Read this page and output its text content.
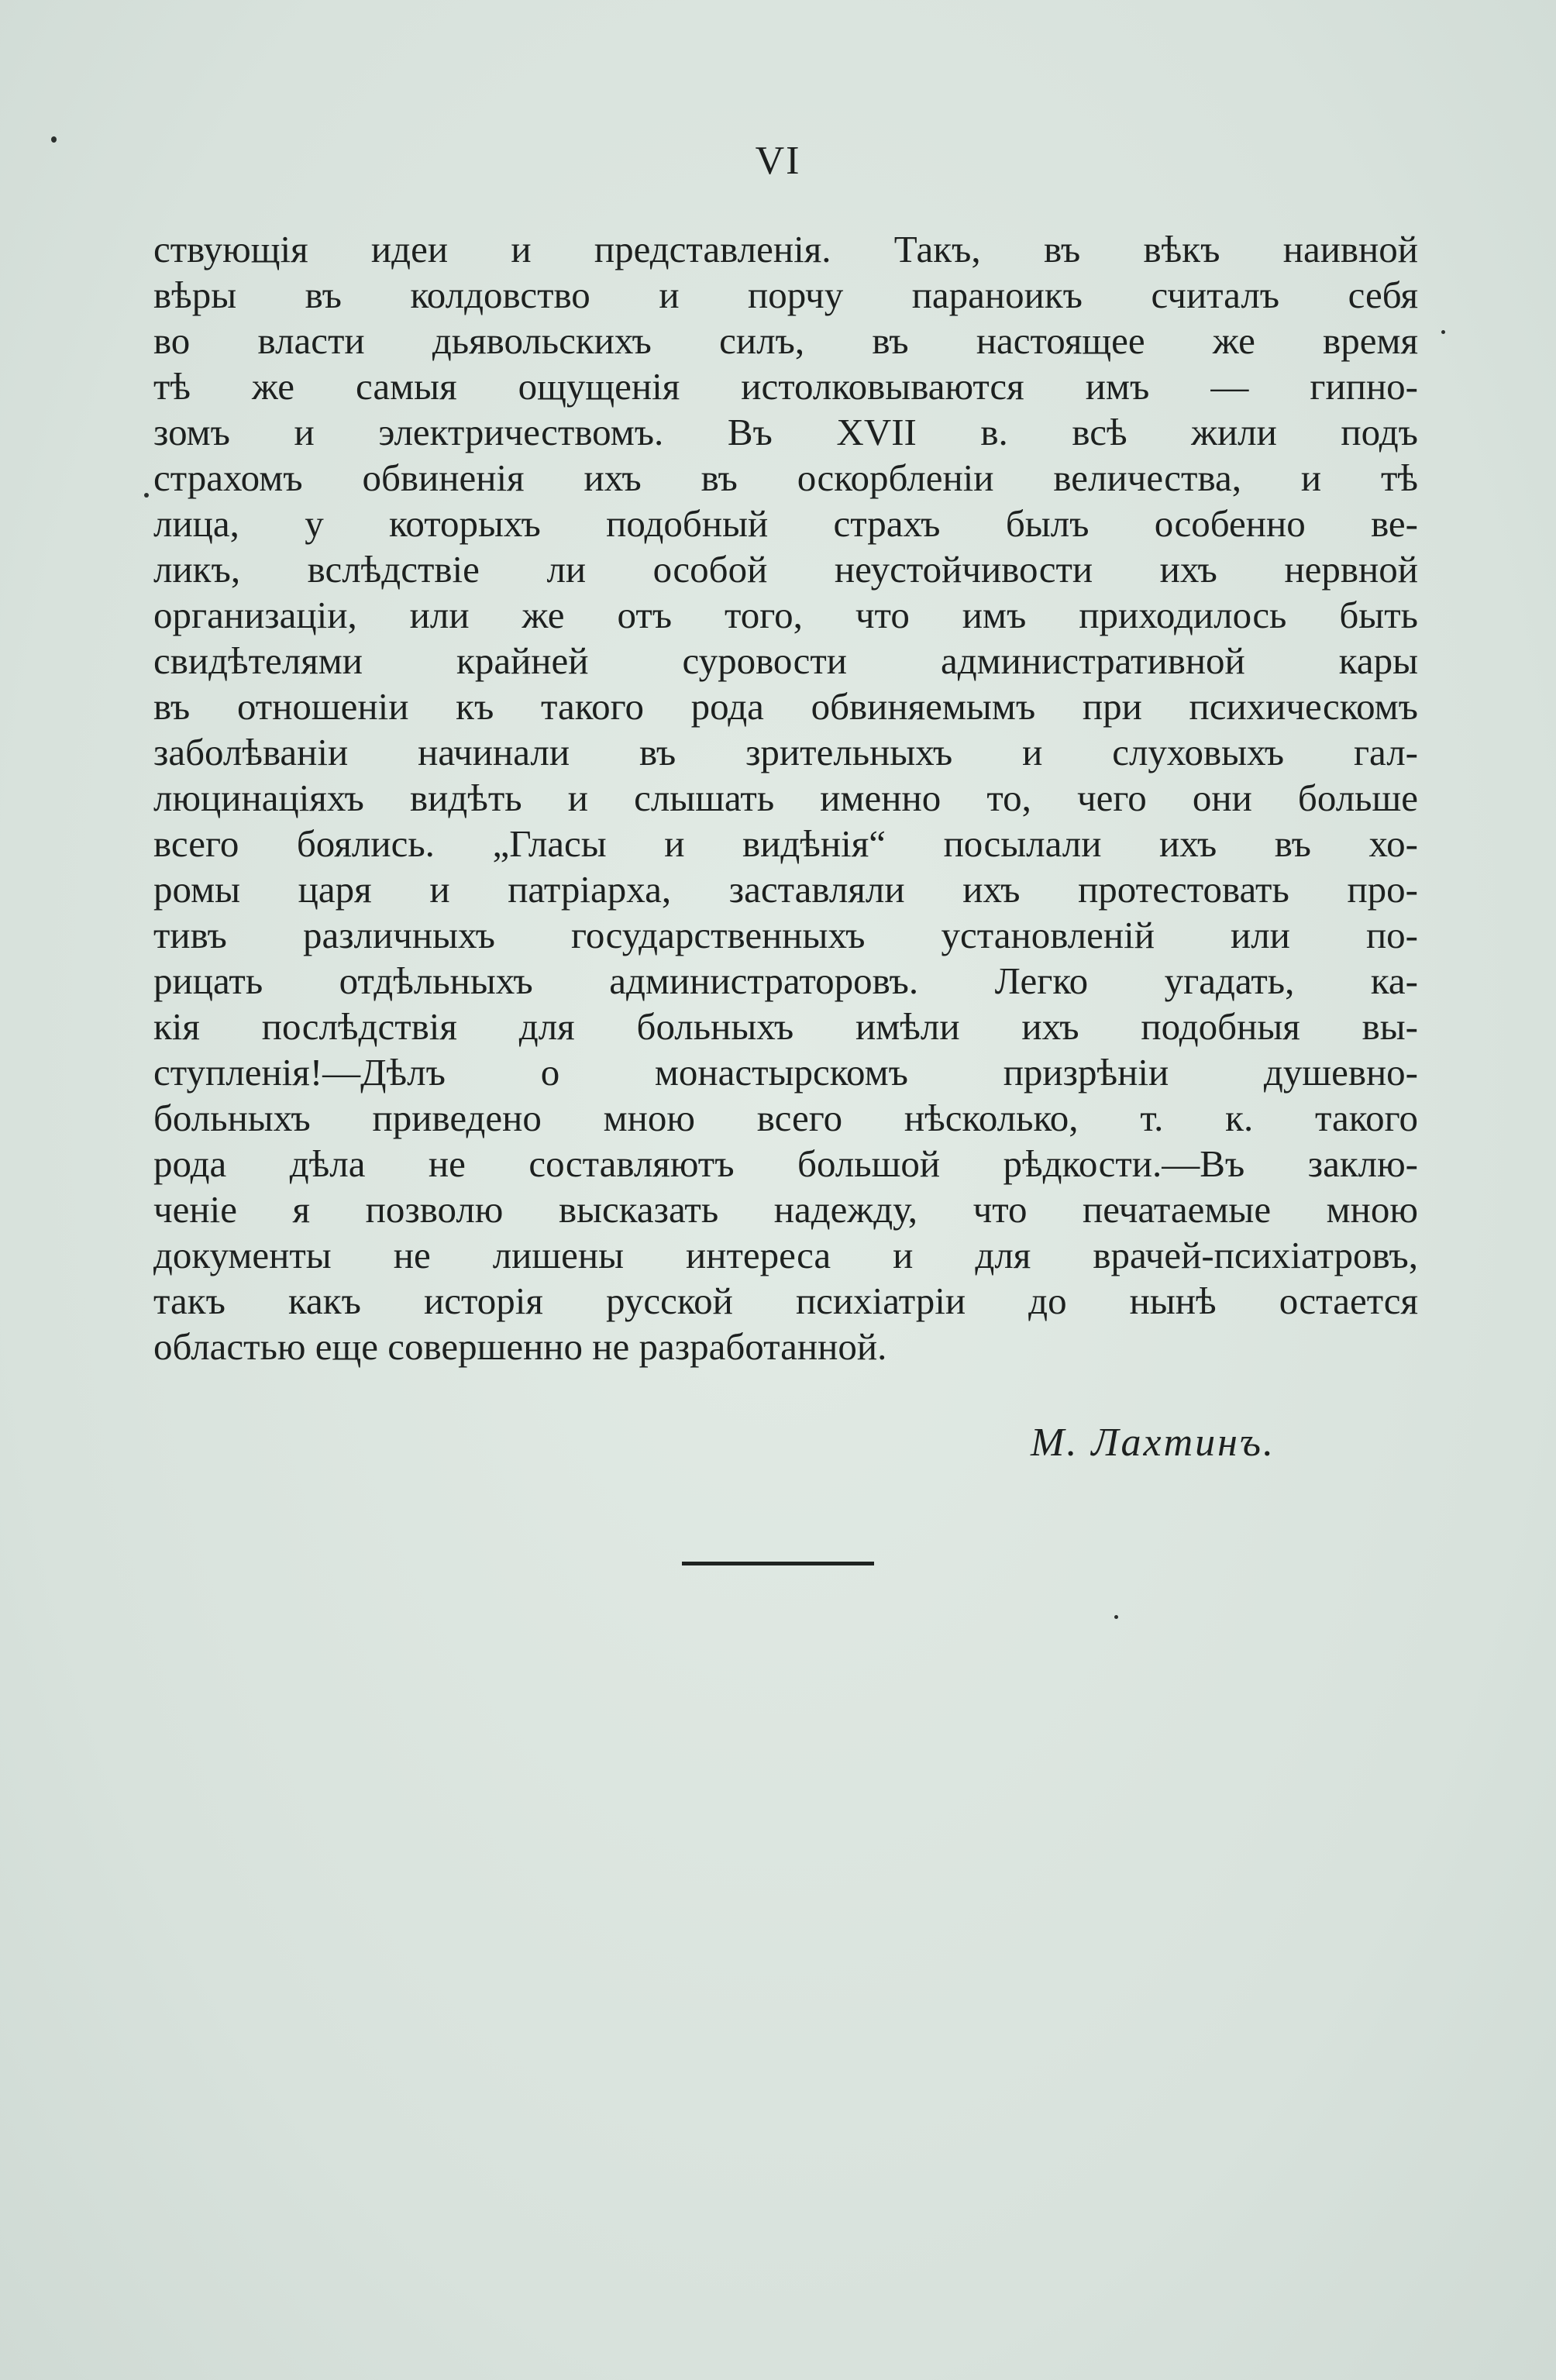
VI
ствующія идеи и представленія. Такъ, въ вѣкъ наивной
вѣры въ колдовство и порчу параноикъ считалъ себя
во власти дьявольскихъ силъ, въ настоящее же время
тѣ же самыя ощущенія истолковываются имъ — гипно-
зомъ и электричествомъ. Въ XVII в. всѣ жили подъ
страхомъ обвиненія ихъ въ оскорбленіи величества, и тѣ
лица, у которыхъ подобный страхъ былъ особенно ве-
ликъ, вслѣдствіе ли особой неустойчивости ихъ нервной
организаціи, или же отъ того, что имъ приходилось быть
свидѣтелями крайней суровости административной кары
въ отношеніи къ такого рода обвиняемымъ при психическомъ
заболѣваніи начинали въ зрительныхъ и слуховыхъ гал-
люцинаціяхъ видѣть и слышать именно то, чего они больше
всего боялись. „Гласы и видѣнія“ посылали ихъ въ хо-
ромы царя и патріарха, заставляли ихъ протестовать про-
тивъ различныхъ государственныхъ установленій или по-
рицать отдѣльныхъ администраторовъ. Легко угадать, ка-
кія послѣдствія для больныхъ имѣли ихъ подобныя вы-
ступленія!—Дѣлъ о монастырскомъ призрѣніи душевно-
больныхъ приведено мною всего нѣсколько, т. к. такого
рода дѣла не составляютъ большой рѣдкости.—Въ заклю-
ченіе я позволю высказать надежду, что печатаемые мною
документы не лишены интереса и для врачей-психіатровъ,
такъ какъ исторія русской психіатріи до нынѣ остается
областью еще совершенно не разработанной.
М. Лахтинъ.
